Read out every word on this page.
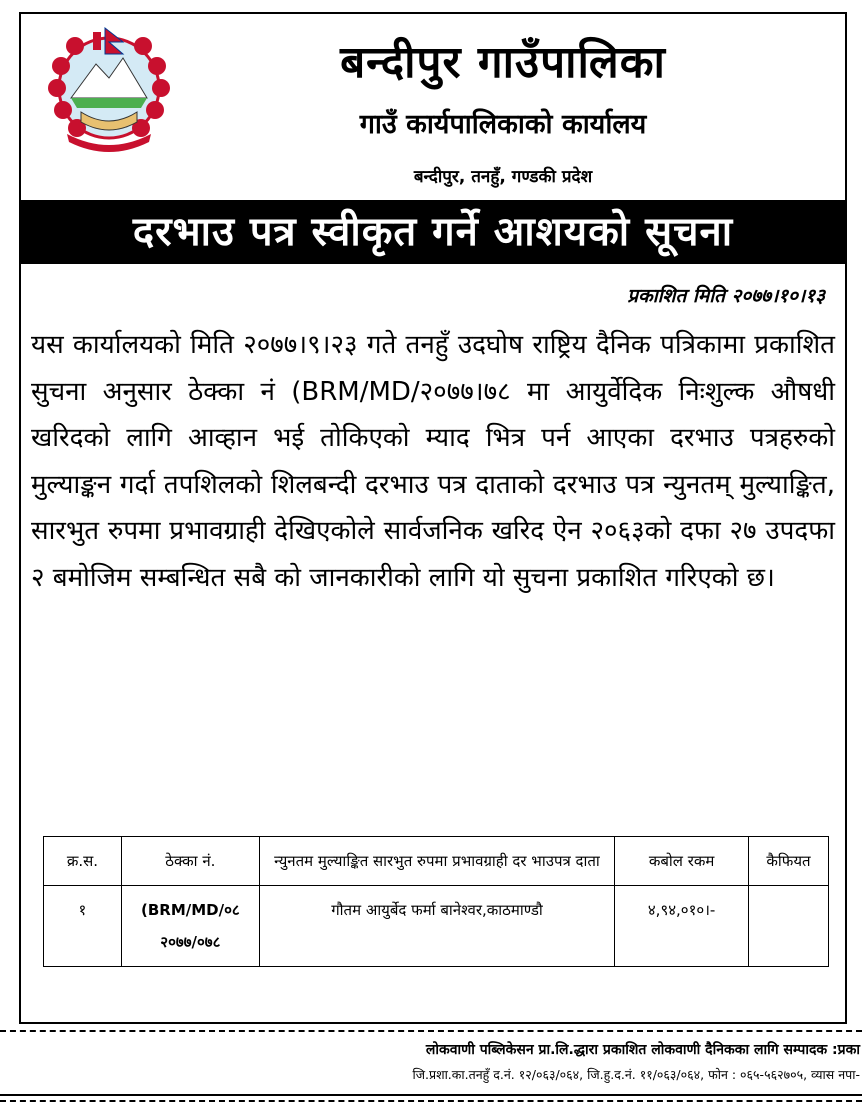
बन्दीपुर गाउँपालिका
गाउँ कार्यपालिकाको कार्यालय
बन्दीपुर, तनहुँ, गण्डकी प्रदेश
दरभाउ पत्र स्वीकृत गर्ने आशयको सूचना
प्रकाशित मिति २०७७।१०।१३
यस कार्यालयको मिति २०७७।९।२३ गते तनहुँ उदघोष राष्ट्रिय दैनिक पत्रिकामा प्रकाशित सुचना अनुसार ठेक्का नं (BRM/MD/२०७७।७८ मा आयुर्वेदिक निःशुल्क औषधी खरिदको लागि आव्हान भई तोकिएको म्याद भित्र पर्न आएका दरभाउ पत्रहरुको मुल्याङ्कन गर्दा तपशिलको शिलबन्दी दरभाउ पत्र दाताको दरभाउ पत्र न्युनतम् मुल्याङ्कित, सारभुत रुपमा प्रभावग्राही देखिएकोले सार्वजनिक खरिद ऐन २०६३को दफा २७ उपदफा २ बमोजिम सम्बन्धित सबै को जानकारीको लागि यो सुचना प्रकाशित गरिएको छ।
क्र.स.	ठेक्का नं.	न्युनतम मुल्याङ्कित सारभुत रुपमा प्रभावग्राही दर भाउपत्र दाता	कबोल रकम	कैफियत
१	(BRM/MD/०८ २०७७/०७८	गौतम आयुर्बेद फर्मा बानेश्वर,काठमाण्डौ	४,९४,०१०।-	
लोकवाणी पब्लिकेसन प्रा.लि.द्धारा प्रकाशित लोकवाणी दैनिकका लागि सम्पादक :प्रका
जि.प्रशा.का.तनहुँ द.नं. १२/०६३/०६४, जि.हु.द.नं. ११/०६३/०६४, फोन : ०६५-५६२७०५, व्यास नपा-
